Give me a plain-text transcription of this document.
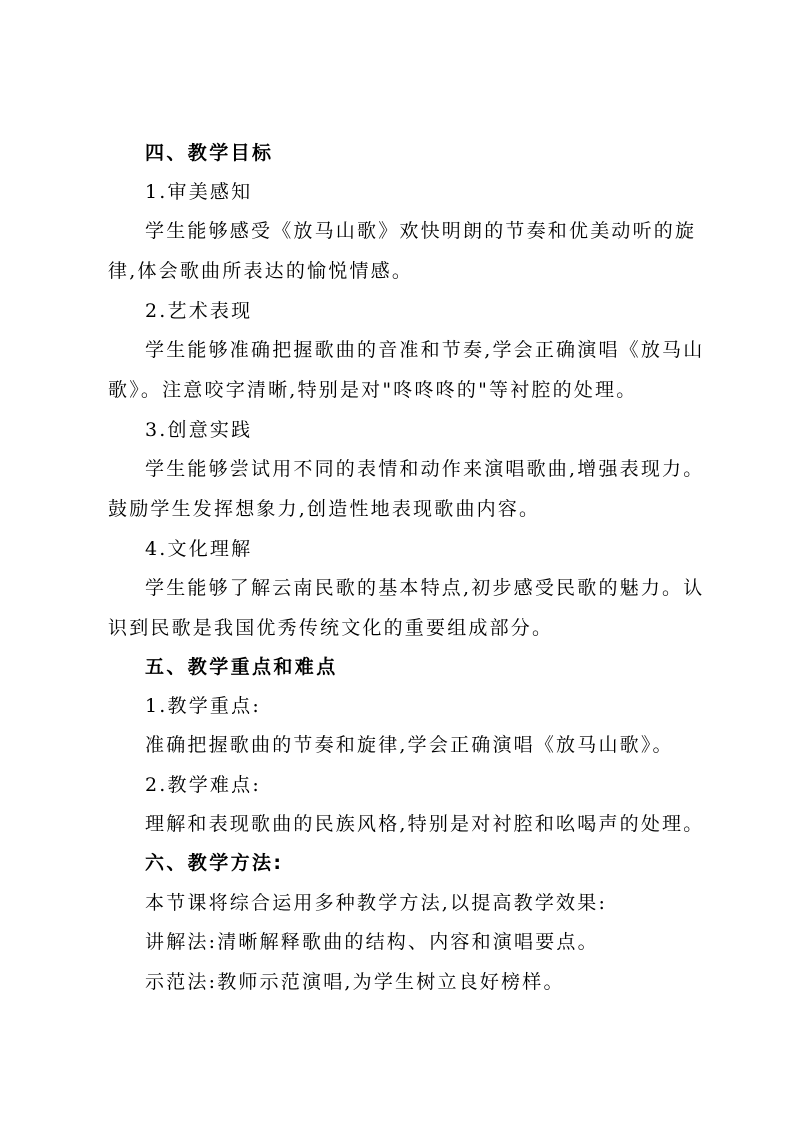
四、教学目标
1.审美感知
学生能够感受《放马山歌》欢快明朗的节奏和优美动听的旋
律,体会歌曲所表达的愉悦情感。
2.艺术表现
学生能够准确把握歌曲的音准和节奏,学会正确演唱《放马山
歌》。注意咬字清晰,特别是对"咚咚咚的"等衬腔的处理。
3.创意实践
学生能够尝试用不同的表情和动作来演唱歌曲,增强表现力。
鼓励学生发挥想象力,创造性地表现歌曲内容。
4.文化理解
学生能够了解云南民歌的基本特点,初步感受民歌的魅力。认
识到民歌是我国优秀传统文化的重要组成部分。
五、教学重点和难点
1.教学重点:
准确把握歌曲的节奏和旋律,学会正确演唱《放马山歌》。
2.教学难点:
理解和表现歌曲的民族风格,特别是对衬腔和吆喝声的处理。
六、教学方法:
本节课将综合运用多种教学方法,以提高教学效果:
讲解法:清晰解释歌曲的结构、内容和演唱要点。
示范法:教师示范演唱,为学生树立良好榜样。
